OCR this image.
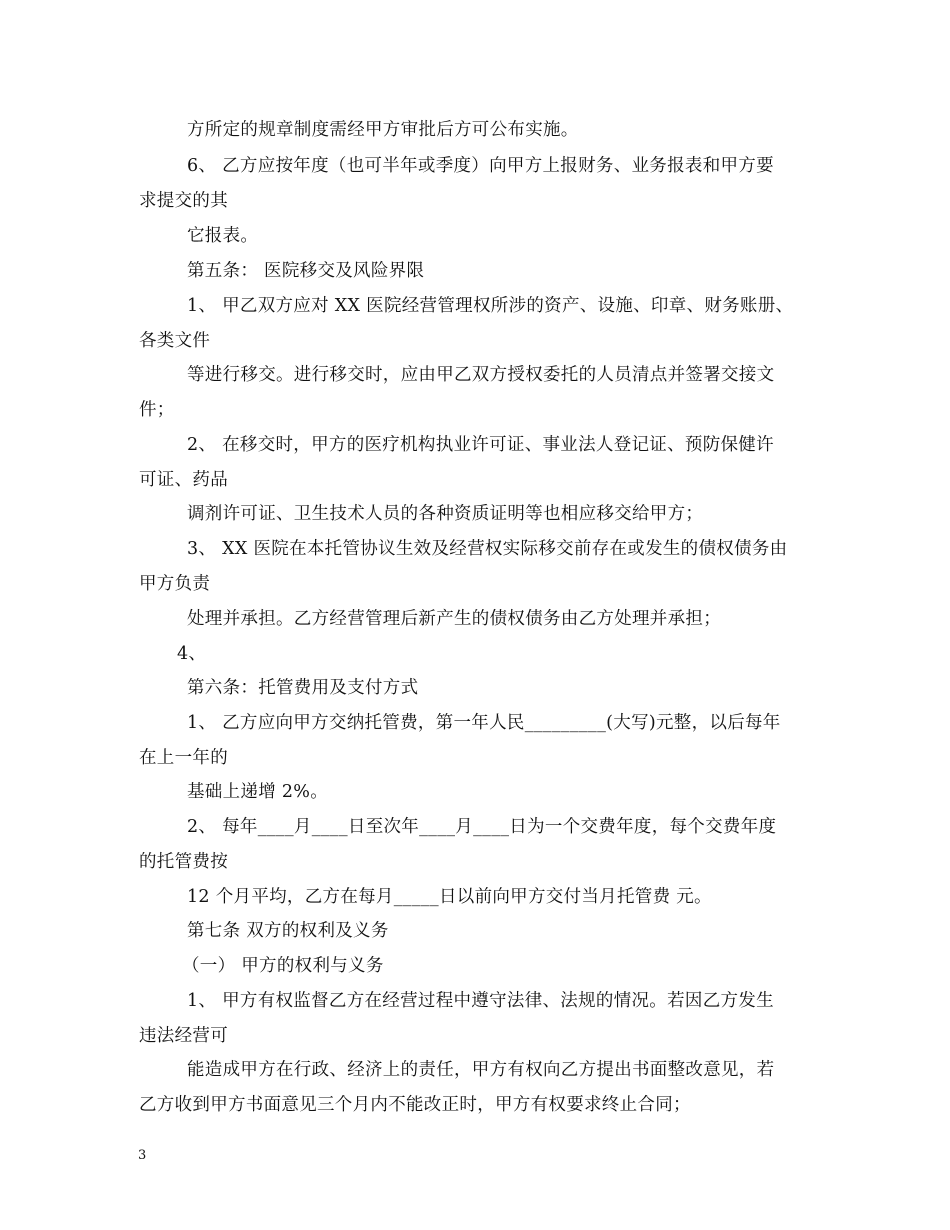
方所定的规章制度需经甲方审批后方可公布实施。
6、 乙方应按年度（也可半年或季度）向甲方上报财务、业务报表和甲方要
求提交的其
它报表。
第五条： 医院移交及风险界限
1、 甲乙双方应对 XX 医院经营管理权所涉的资产、设施、印章、财务账册、
各类文件
等进行移交。进行移交时，应由甲乙双方授权委托的人员清点并签署交接文
件；
2、 在移交时，甲方的医疗机构执业许可证、事业法人登记证、预防保健许
可证、药品
调剂许可证、卫生技术人员的各种资质证明等也相应移交给甲方；
3、 XX 医院在本托管协议生效及经营权实际移交前存在或发生的债权债务由
甲方负责
处理并承担。乙方经营管理后新产生的债权债务由乙方处理并承担；
4、
第六条：托管费用及支付方式
1、 乙方应向甲方交纳托管费，第一年人民_________(大写)元整，以后每年
在上一年的
基础上递增 2%。
2、 每年____月____日至次年____月____日为一个交费年度，每个交费年度
的托管费按
12 个月平均，乙方在每月_____日以前向甲方交付当月托管费 元。
第七条 双方的权利及义务
（一） 甲方的权利与义务
1、 甲方有权监督乙方在经营过程中遵守法律、法规的情况。若因乙方发生
违法经营可
能造成甲方在行政、经济上的责任，甲方有权向乙方提出书面整改意见，若
乙方收到甲方书面意见三个月内不能改正时，甲方有权要求终止合同；
3
